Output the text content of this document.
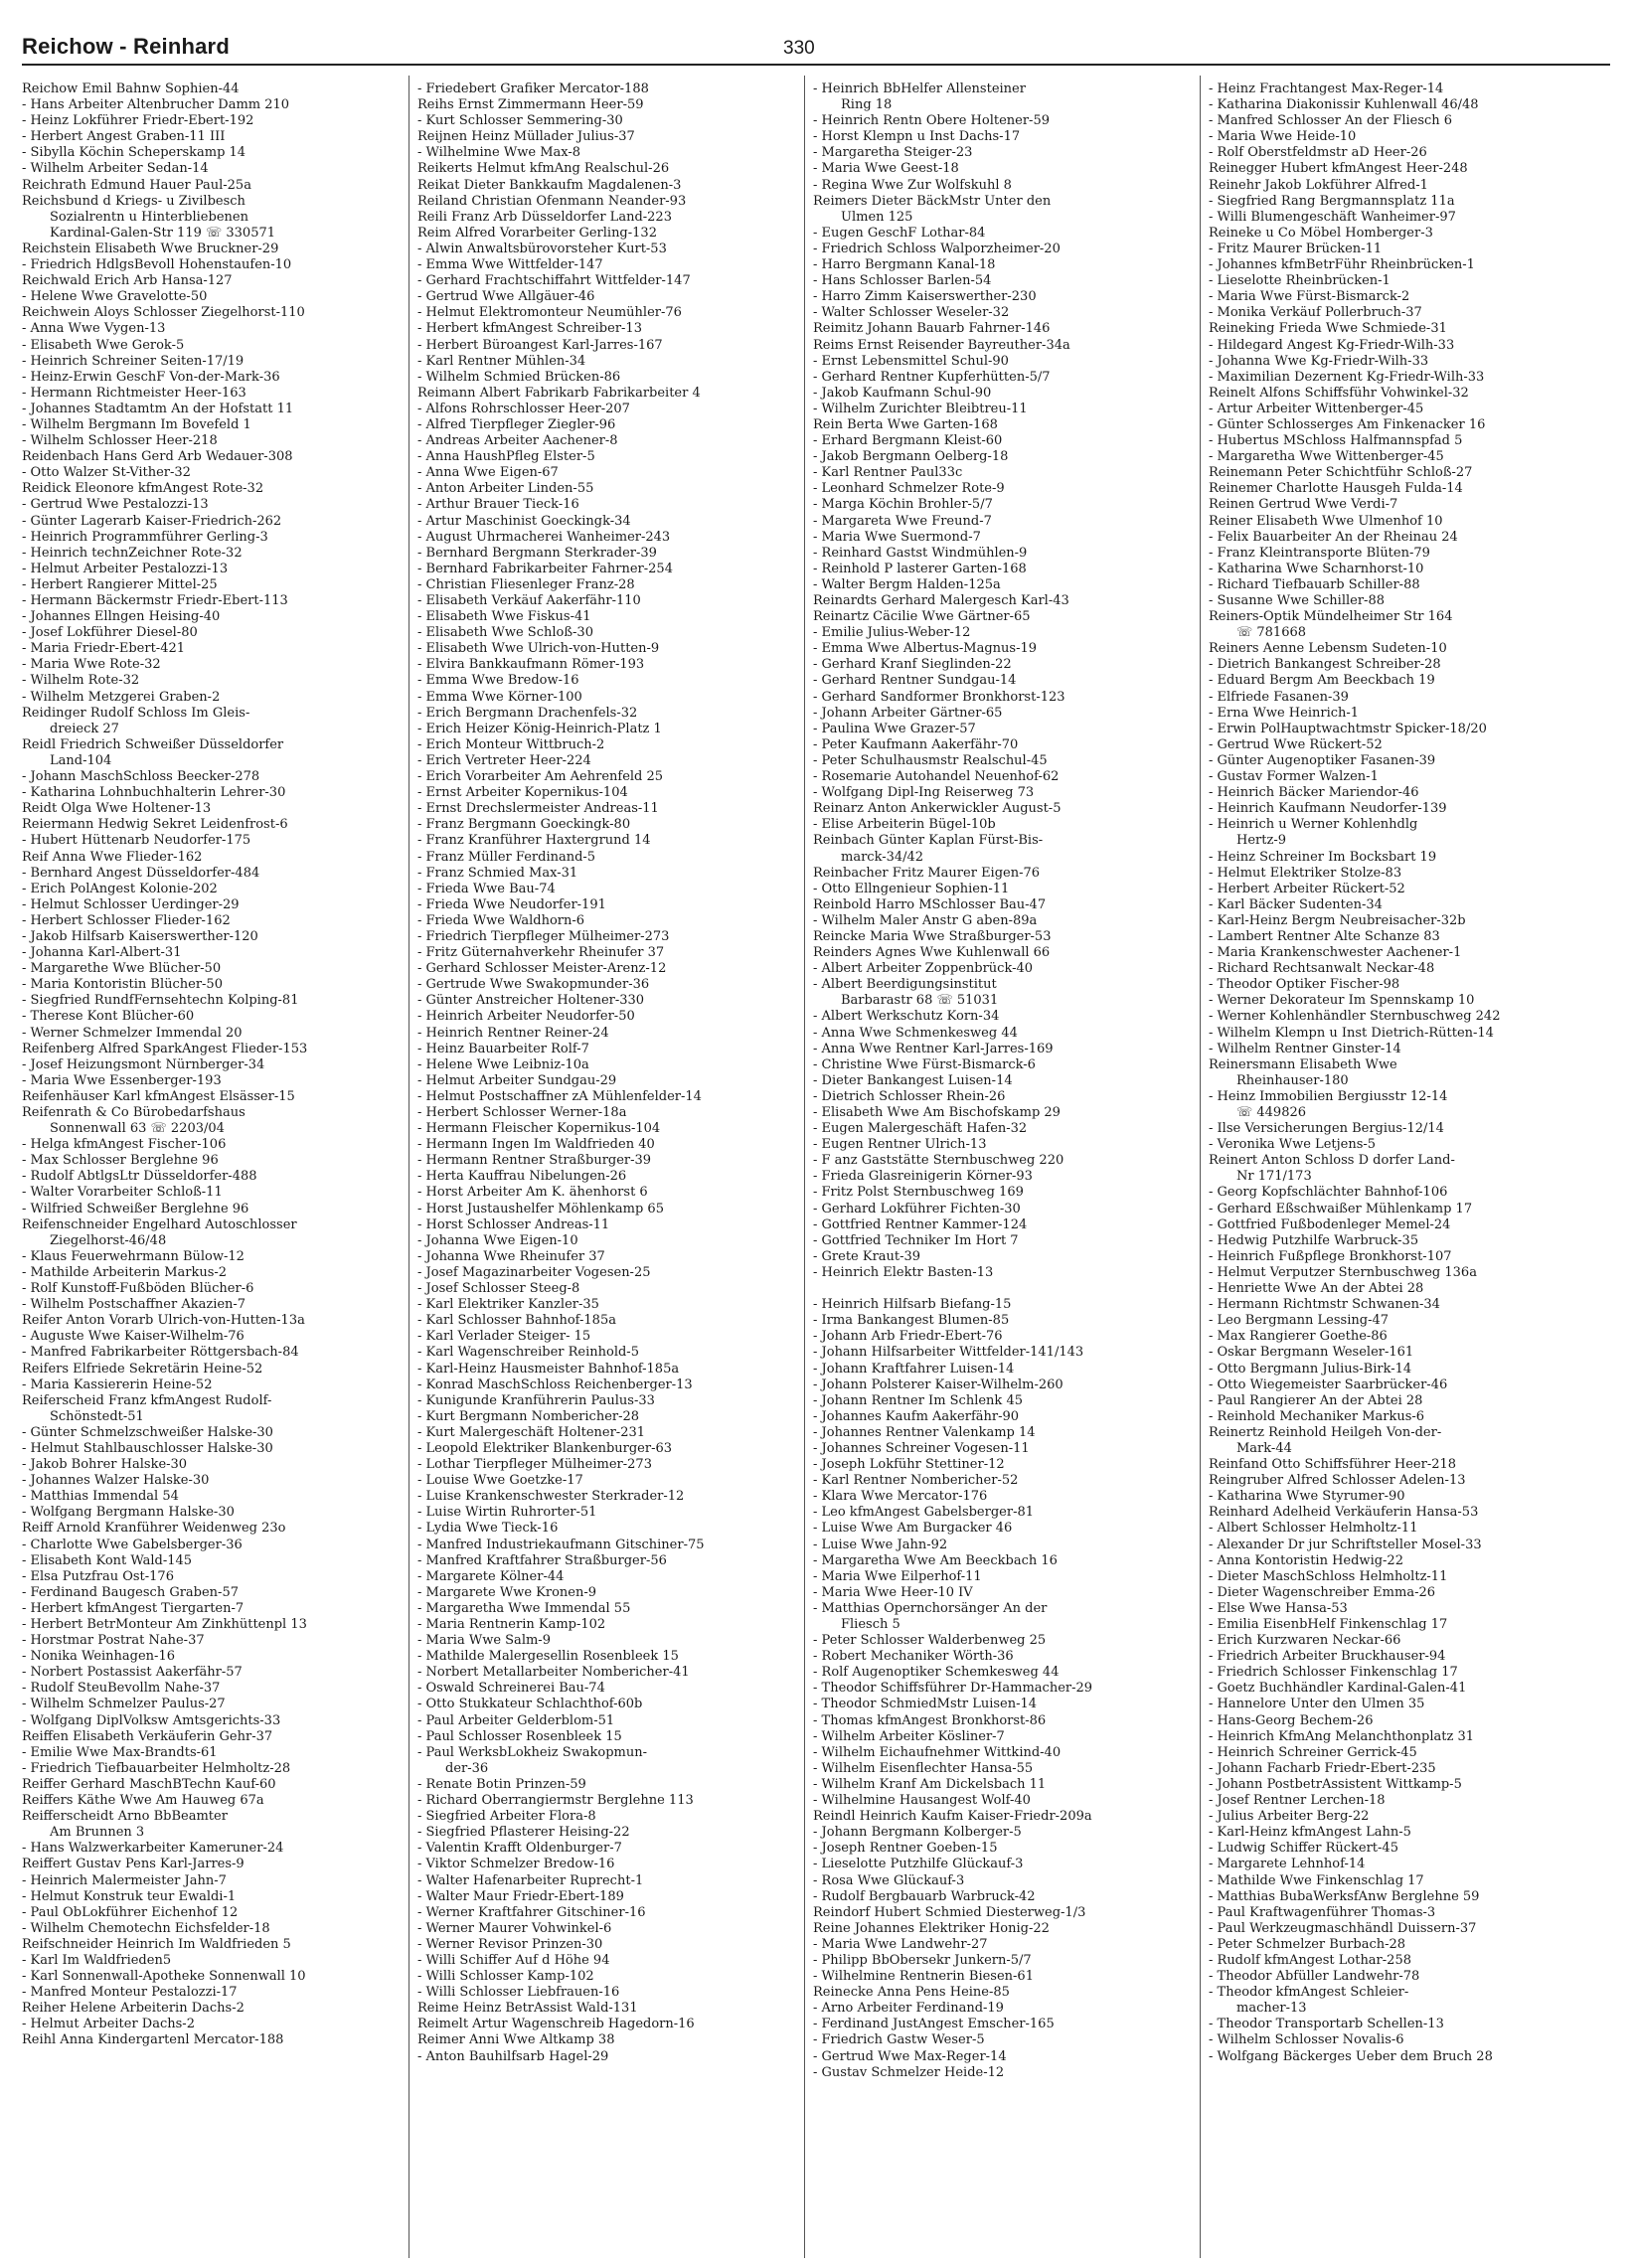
Reichow - Reinhard	330
Reichow Emil Bahnw Sophien-44
- Hans Arbeiter Altenbrucher Damm 210
- Heinz Lokführer Friedr-Ebert-192
- Herbert Angest Graben-11 III
- Sibylla Köchin Scheperskamp 14
- Wilhelm Arbeiter Sedan-14
Reichrath Edmund Hauer Paul-25a
Reichsbund d Kriegs- u Zivilbesch
Sozialrentn u Hinterbliebenen
Kardinal-Galen-Str 119 ☏ 330571
Reichstein Elisabeth Wwe Bruckner-29
- Friedrich HdlgsBevoll Hohenstaufen-10
Reichwald Erich Arb Hansa-127
- Helene Wwe Gravelotte-50
Reichwein Aloys Schlosser Ziegelhorst-110
- Anna Wwe Vygen-13
- Elisabeth Wwe Gerok-5
- Heinrich Schreiner Seiten-17/19
- Heinz-Erwin GeschF Von-der-Mark-36
- Hermann Richtmeister Heer-163
- Johannes Stadtamtm An der Hofstatt 11
- Wilhelm Bergmann Im Bovefeld 1
- Wilhelm Schlosser Heer-218
Reidenbach Hans Gerd Arb Wedauer-308
- Otto Walzer St-Vither-32
Reidick Eleonore kfmAngest Rote-32
- Gertrud Wwe Pestalozzi-13
- Günter Lagerarb Kaiser-Friedrich-262
- Heinrich Programmführer Gerling-3
- Heinrich technZeichner Rote-32
- Helmut Arbeiter Pestalozzi-13
- Herbert Rangierer Mittel-25
- Hermann Bäckermstr Friedr-Ebert-113
- Johannes Ellngen Heising-40
- Josef Lokführer Diesel-80
- Maria Friedr-Ebert-421
- Maria Wwe Rote-32
- Wilhelm Rote-32
- Wilhelm Metzgerei Graben-2
Reidinger Rudolf Schloss Im Gleis-
dreieck 27
Reidl Friedrich Schweißer Düsseldorfer
Land-104
- Johann MaschSchloss Beecker-278
- Katharina Lohnbuchhalterin Lehrer-30
Reidt Olga Wwe Holtener-13
Reiermann Hedwig Sekret Leidenfrost-6
- Hubert Hüttenarb Neudorfer-175
Reif Anna Wwe Flieder-162
- Bernhard Angest Düsseldorfer-484
- Erich PolAngest Kolonie-202
- Helmut Schlosser Uerdinger-29
- Herbert Schlosser Flieder-162
- Jakob Hilfsarb Kaiserswerther-120
- Johanna Karl-Albert-31
- Margarethe Wwe Blücher-50
- Maria Kontoristin Blücher-50
- Siegfried RundfFernsehtechn Kolping-81
- Therese Kont Blücher-60
- Werner Schmelzer Immendal 20
Reifenberg Alfred SparkAngest Flieder-153
- Josef Heizungsmont Nürnberger-34
- Maria Wwe Essenberger-193
Reifenhäuser Karl kfmAngest Elsässer-15
Reifenrath & Co Bürobedarfshaus
Sonnenwall 63 ☏ 2203/04
- Helga kfmAngest Fischer-106
- Max Schlosser Berglehne 96
- Rudolf AbtlgsLtr Düsseldorfer-488
- Walter Vorarbeiter Schloß-11
- Wilfried Schweißer Berglehne 96
Reifenschneider Engelhard Autoschlosser
Ziegelhorst-46/48
- Klaus Feuerwehrmann Bülow-12
- Mathilde Arbeiterin Markus-2
- Rolf Kunstoff-Fußböden Blücher-6
- Wilhelm Postschaffner Akazien-7
Reifer Anton Vorarb Ulrich-von-Hutten-13a
- Auguste Wwe Kaiser-Wilhelm-76
- Manfred Fabrikarbeiter Röttgersbach-84
Reifers Elfriede Sekretärin Heine-52
- Maria Kassiererin Heine-52
Reiferscheid Franz kfmAngest Rudolf-
Schönstedt-51
- Günter Schmelzschweißer Halske-30
- Helmut Stahlbauschlosser Halske-30
- Jakob Bohrer Halske-30
- Johannes Walzer Halske-30
- Matthias Immendal 54
- Wolfgang Bergmann Halske-30
Reiff Arnold Kranführer Weidenweg 23o
- Charlotte Wwe Gabelsberger-36
- Elisabeth Kont Wald-145
- Elsa Putzfrau Ost-176
- Ferdinand Baugesch Graben-57
- Herbert kfmAngest Tiergarten-7
- Herbert BetrMonteur Am Zinkhüttenpl 13
- Horstmar Postrat Nahe-37
- Nonika Weinhagen-16
- Norbert Postassist Aakerfähr-57
- Rudolf SteuBevollm Nahe-37
- Wilhelm Schmelzer Paulus-27
- Wolfgang DiplVolksw Amtsgerichts-33
Reiffen Elisabeth Verkäuferin Gehr-37
- Emilie Wwe Max-Brandts-61
- Friedrich Tiefbauarbeiter Helmholtz-28
Reiffer Gerhard MaschBTechn Kauf-60
Reiffers Käthe Wwe Am Hauweg 67a
Reifferscheidt Arno BbBeamter
Am Brunnen 3
- Hans Walzwerkarbeiter Kameruner-24
Reiffert Gustav Pens Karl-Jarres-9
- Heinrich Malermeister Jahn-7
- Helmut Konstruk teur Ewaldi-1
- Paul ObLokführer Eichenhof 12
- Wilhelm Chemotechn Eichsfelder-18
Reifschneider Heinrich Im Waldfrieden 5
- Karl Im Waldfrieden5
- Karl Sonnenwall-Apotheke Sonnenwall 10
- Manfred Monteur Pestalozzi-17
Reiher Helene Arbeiterin Dachs-2
- Helmut Arbeiter Dachs-2
Reihl Anna Kindergartenl Mercator-188
- Friedebert Grafiker Mercator-188
Reihs Ernst Zimmermann Heer-59
- Kurt Schlosser Semmering-30
Reijnen Heinz Müllader Julius-37
- Wilhelmine Wwe Max-8
Reikerts Helmut kfmAng Realschul-26
Reikat Dieter Bankkaufm Magdalenen-3
Reiland Christian Ofenmann Neander-93
Reili Franz Arb Düsseldorfer Land-223
Reim Alfred Vorarbeiter Gerling-132
- Alwin Anwaltsbürovorsteher Kurt-53
- Emma Wwe Wittfelder-147
- Gerhard Frachtschiffahrt Wittfelder-147
- Gertrud Wwe Allgäuer-46
- Helmut Elektromonteur Neumühler-76
- Herbert kfmAngest Schreiber-13
- Herbert Büroangest Karl-Jarres-167
- Karl Rentner Mühlen-34
- Wilhelm Schmied Brücken-86
Reimann Albert Fabrikarb Fabrikarbeiter 4
- Alfons Rohrschlosser Heer-207
- Alfred Tierpfleger Ziegler-96
- Andreas Arbeiter Aachener-8
- Anna HaushPfleg Elster-5
- Anna Wwe Eigen-67
- Anton Arbeiter Linden-55
- Arthur Brauer Tieck-16
- Artur Maschinist Goeckingk-34
- August Uhrmacherei Wanheimer-243
- Bernhard Bergmann Sterkrader-39
- Bernhard Fabrikarbeiter Fahrner-254
- Christian Fliesenleger Franz-28
- Elisabeth Verkäuf Aakerfähr-110
- Elisabeth Wwe Fiskus-41
- Elisabeth Wwe Schloß-30
- Elisabeth Wwe Ulrich-von-Hutten-9
- Elvira Bankkaufmann Römer-193
- Emma Wwe Bredow-16
- Emma Wwe Körner-100
- Erich Bergmann Drachenfels-32
- Erich Heizer König-Heinrich-Platz 1
- Erich Monteur Wittbruch-2
- Erich Vertreter Heer-224
- Erich Vorarbeiter Am Aehrenfeld 25
- Ernst Arbeiter Kopernikus-104
- Ernst Drechslermeister Andreas-11
- Franz Bergmann Goeckingk-80
- Franz Kranführer Haxtergrund 14
- Franz Müller Ferdinand-5
- Franz Schmied Max-31
- Frieda Wwe Bau-74
- Frieda Wwe Neudorfer-191
- Frieda Wwe Waldhorn-6
- Friedrich Tierpfleger Mülheimer-273
- Fritz Güternahverkehr Rheinufer 37
- Gerhard Schlosser Meister-Arenz-12
- Gertrude Wwe Swakopmunder-36
- Günter Anstreicher Holtener-330
- Heinrich Arbeiter Neudorfer-50
- Heinrich Rentner Reiner-24
- Heinz Bauarbeiter Rolf-7
- Helene Wwe Leibniz-10a
- Helmut Arbeiter Sundgau-29
- Helmut Postschaffner zA Mühlenfelder-14
- Herbert Schlosser Werner-18a
- Hermann Fleischer Kopernikus-104
- Hermann Ingen Im Waldfrieden 40
- Hermann Rentner Straßburger-39
- Herta Kauffrau Nibelungen-26
- Horst Arbeiter Am K. ähenhorst 6
- Horst Justaushelfer Möhlenkamp 65
- Horst Schlosser Andreas-11
- Johanna Wwe Eigen-10
- Johanna Wwe Rheinufer 37
- Josef Magazinarbeiter Vogesen-25
- Josef Schlosser Steeg-8
- Karl Elektriker Kanzler-35
- Karl Schlosser Bahnhof-185a
- Karl Verlader Steiger- 15
- Karl Wagenschreiber Reinhold-5
- Karl-Heinz Hausmeister Bahnhof-185a
- Konrad MaschSchloss Reichenberger-13
- Kunigunde Kranführerin Paulus-33
- Kurt Bergmann Nombericher-28
- Kurt Malergeschäft Holtener-231
- Leopold Elektriker Blankenburger-63
- Lothar Tierpfleger Mülheimer-273
- Louise Wwe Goetzke-17
- Luise Krankenschwester Sterkrader-12
- Luise Wirtin Ruhrorter-51
- Lydia Wwe Tieck-16
- Manfred Industriekaufmann Gitschiner-75
- Manfred Kraftfahrer Straßburger-56
- Margarete Kölner-44
- Margarete Wwe Kronen-9
- Margaretha Wwe Immendal 55
- Maria Rentnerin Kamp-102
- Maria Wwe Salm-9
- Mathilde Malergesellin Rosenbleek 15
- Norbert Metallarbeiter Nombericher-41
- Oswald Schreinerei Bau-74
- Otto Stukkateur Schlachthof-60b
- Paul Arbeiter Gelderblom-51
- Paul Schlosser Rosenbleek 15
- Paul WerksbLokheiz Swakopmun-
der-36
- Renate Botin Prinzen-59
- Richard Oberrangiermstr Berglehne 113
- Siegfried Arbeiter Flora-8
- Siegfried Pflasterer Heising-22
- Valentin Krafft Oldenburger-7
- Viktor Schmelzer Bredow-16
- Walter Hafenarbeiter Ruprecht-1
- Walter Maur Friedr-Ebert-189
- Werner Kraftfahrer Gitschiner-16
- Werner Maurer Vohwinkel-6
- Werner Revisor Prinzen-30
- Willi Schiffer Auf d Höhe 94
- Willi Schlosser Kamp-102
- Willi Schlosser Liebfrauen-16
Reime Heinz BetrAssist Wald-131
Reimelt Artur Wagenschreib Hagedorn-16
Reimer Anni Wwe Altkamp 38
- Anton Bauhilfsarb Hagel-29
- Heinrich BbHelfer Allensteiner
Ring 18
- Heinrich Rentn Obere Holtener-59
- Horst Klempn u Inst Dachs-17
- Margaretha Steiger-23
- Maria Wwe Geest-18
- Regina Wwe Zur Wolfskuhl 8
Reimers Dieter BäckMstr Unter den
Ulmen 125
- Eugen GeschF Lothar-84
- Friedrich Schloss Walporzheimer-20
- Harro Bergmann Kanal-18
- Hans Schlosser Barlen-54
- Harro Zimm Kaiserswerther-230
- Walter Schlosser Weseler-32
Reimitz Johann Bauarb Fahrner-146
Reims Ernst Reisender Bayreuther-34a
- Ernst Lebensmittel Schul-90
- Gerhard Rentner Kupferhütten-5/7
- Jakob Kaufmann Schul-90
- Wilhelm Zurichter Bleibtreu-11
Rein Berta Wwe Garten-168
- Erhard Bergmann Kleist-60
- Jakob Bergmann Oelberg-18
- Karl Rentner Paul33c
- Leonhard Schmelzer Rote-9
- Marga Köchin Brohler-5/7
- Margareta Wwe Freund-7
- Maria Wwe Suermond-7
- Reinhard Gastst Windmühlen-9
- Reinhold P lasterer Garten-168
- Walter Bergm Halden-125a
Reinardts Gerhard Malergesch Karl-43
Reinartz Cäcilie Wwe Gärtner-65
- Emilie Julius-Weber-12
- Emma Wwe Albertus-Magnus-19
- Gerhard Kranf Sieglinden-22
- Gerhard Rentner Sundgau-14
- Gerhard Sandformer Bronkhorst-123
- Johann Arbeiter Gärtner-65
- Paulina Wwe Grazer-57
- Peter Kaufmann Aakerfähr-70
- Peter Schulhausmstr Realschul-45
- Rosemarie Autohandel Neuenhof-62
- Wolfgang Dipl-Ing Reiserweg 73
Reinarz Anton Ankerwickler August-5
- Elise Arbeiterin Bügel-10b
Reinbach Günter Kaplan Fürst-Bis-
marck-34/42
Reinbacher Fritz Maurer Eigen-76
- Otto Ellngenieur Sophien-11
Reinbold Harro MSchlosser Bau-47
- Wilhelm Maler Anstr G aben-89a
Reincke Maria Wwe Straßburger-53
Reinders Agnes Wwe Kuhlenwall 66
- Albert Arbeiter Zoppenbrück-40
- Albert Beerdigungsinstitut
Barbarastr 68 ☏ 51031
- Albert Werkschutz Korn-34
- Anna Wwe Schmenkesweg 44
- Anna Wwe Rentner Karl-Jarres-169
- Christine Wwe Fürst-Bismarck-6
- Dieter Bankangest Luisen-14
- Dietrich Schlosser Rhein-26
- Elisabeth Wwe Am Bischofskamp 29
- Eugen Malergeschäft Hafen-32
- Eugen Rentner Ulrich-13
- F anz Gaststätte Sternbuschweg 220
- Frieda Glasreinigerin Körner-93
- Fritz Polst Sternbuschweg 169
- Gerhard Lokführer Fichten-30
- Gottfried Rentner Kammer-124
- Gottfried Techniker Im Hort 7
- Grete Kraut-39
- Heinrich Elektr Basten-13

- Heinrich Hilfsarb Biefang-15
- Irma Bankangest Blumen-85
- Johann Arb Friedr-Ebert-76
- Johann Hilfsarbeiter Wittfelder-141/143
- Johann Kraftfahrer Luisen-14
- Johann Polsterer Kaiser-Wilhelm-260
- Johann Rentner Im Schlenk 45
- Johannes Kaufm Aakerfähr-90
- Johannes Rentner Valenkamp 14
- Johannes Schreiner Vogesen-11
- Joseph Lokführ Stettiner-12
- Karl Rentner Nombericher-52
- Klara Wwe Mercator-176
- Leo kfmAngest Gabelsberger-81
- Luise Wwe Am Burgacker 46
- Luise Wwe Jahn-92
- Margaretha Wwe Am Beeckbach 16
- Maria Wwe Eilperhof-11
- Maria Wwe Heer-10 IV
- Matthias Opernchorsänger An der
Fliesch 5
- Peter Schlosser Walderbenweg 25
- Robert Mechaniker Wörth-36
- Rolf Augenoptiker Schemkesweg 44
- Theodor Schiffsführer Dr-Hammacher-29
- Theodor SchmiedMstr Luisen-14
- Thomas kfmAngest Bronkhorst-86
- Wilhelm Arbeiter Kösliner-7
- Wilhelm Eichaufnehmer Wittkind-40
- Wilhelm Eisenflechter Hansa-55
- Wilhelm Kranf Am Dickelsbach 11
- Wilhelmine Hausangest Wolf-40
Reindl Heinrich Kaufm Kaiser-Friedr-209a
- Johann Bergmann Kolberger-5
- Joseph Rentner Goeben-15
- Lieselotte Putzhilfe Glückauf-3
- Rosa Wwe Glückauf-3
- Rudolf Bergbauarb Warbruck-42
Reindorf Hubert Schmied Diesterweg-1/3
Reine Johannes Elektriker Honig-22
- Maria Wwe Landwehr-27
- Philipp BbObersekr Junkern-5/7
- Wilhelmine Rentnerin Biesen-61
Reinecke Anna Pens Heine-85
- Arno Arbeiter Ferdinand-19
- Ferdinand JustAngest Emscher-165
- Friedrich Gastw Weser-5
- Gertrud Wwe Max-Reger-14
- Gustav Schmelzer Heide-12
- Heinz Frachtangest Max-Reger-14
- Katharina Diakonissir Kuhlenwall 46/48
- Manfred Schlosser An der Fliesch 6
- Maria Wwe Heide-10
- Rolf Oberstfeldmstr aD Heer-26
Reinegger Hubert kfmAngest Heer-248
Reinehr Jakob Lokführer Alfred-1
- Siegfried Rang Bergmannsplatz 11a
- Willi Blumengeschäft Wanheimer-97
Reineke u Co Möbel Homberger-3
- Fritz Maurer Brücken-11
- Johannes kfmBetrFühr Rheinbrücken-1
- Lieselotte Rheinbrücken-1
- Maria Wwe Fürst-Bismarck-2
- Monika Verkäuf Pollerbruch-37
Reineking Frieda Wwe Schmiede-31
- Hildegard Angest Kg-Friedr-Wilh-33
- Johanna Wwe Kg-Friedr-Wilh-33
- Maximilian Dezernent Kg-Friedr-Wilh-33
Reinelt Alfons Schiffsführ Vohwinkel-32
- Artur Arbeiter Wittenberger-45
- Günter Schlosserges Am Finkenacker 16
- Hubertus MSchloss Halfmannspfad 5
- Margaretha Wwe Wittenberger-45
Reinemann Peter Schichtführ Schloß-27
Reinemer Charlotte Hausgeh Fulda-14
Reinen Gertrud Wwe Verdi-7
Reiner Elisabeth Wwe Ulmenhof 10
- Felix Bauarbeiter An der Rheinau 24
- Franz Kleintransporte Blüten-79
- Katharina Wwe Scharnhorst-10
- Richard Tiefbauarb Schiller-88
- Susanne Wwe Schiller-88
Reiners-Optik Mündelheimer Str 164
☏ 781668
Reiners Aenne Lebensm Sudeten-10
- Dietrich Bankangest Schreiber-28
- Eduard Bergm Am Beeckbach 19
- Elfriede Fasanen-39
- Erna Wwe Heinrich-1
- Erwin PolHauptwachtmstr Spicker-18/20
- Gertrud Wwe Rückert-52
- Günter Augenoptiker Fasanen-39
- Gustav Former Walzen-1
- Heinrich Bäcker Mariendor-46
- Heinrich Kaufmann Neudorfer-139
- Heinrich u Werner Kohlenhdlg
Hertz-9
- Heinz Schreiner Im Bocksbart 19
- Helmut Elektriker Stolze-83
- Herbert Arbeiter Rückert-52
- Karl Bäcker Sudenten-34
- Karl-Heinz Bergm Neubreisacher-32b
- Lambert Rentner Alte Schanze 83
- Maria Krankenschwester Aachener-1
- Richard Rechtsanwalt Neckar-48
- Theodor Optiker Fischer-98
- Werner Dekorateur Im Spennskamp 10
- Werner Kohlenhändler Sternbuschweg 242
- Wilhelm Klempn u Inst Dietrich-Rütten-14
- Wilhelm Rentner Ginster-14
Reinersmann Elisabeth Wwe
Rheinhauser-180
- Heinz Immobilien Bergiusstr 12-14
☏ 449826
- Ilse Versicherungen Bergius-12/14
- Veronika Wwe Letjens-5
Reinert Anton Schloss D dorfer Land-
Nr 171/173
- Georg Kopfschlächter Bahnhof-106
- Gerhard Eßschwaißer Mühlenkamp 17
- Gottfried Fußbodenleger Memel-24
- Hedwig Putzhilfe Warbruck-35
- Heinrich Fußpflege Bronkhorst-107
- Helmut Verputzer Sternbuschweg 136a
- Henriette Wwe An der Abtei 28
- Hermann Richtmstr Schwanen-34
- Leo Bergmann Lessing-47
- Max Rangierer Goethe-86
- Oskar Bergmann Weseler-161
- Otto Bergmann Julius-Birk-14
- Otto Wiegemeister Saarbrücker-46
- Paul Rangierer An der Abtei 28
- Reinhold Mechaniker Markus-6
Reinertz Reinhold Heilgeh Von-der-
Mark-44
Reinfand Otto Schiffsführer Heer-218
Reingruber Alfred Schlosser Adelen-13
- Katharina Wwe Styrumer-90
Reinhard Adelheid Verkäuferin Hansa-53
- Albert Schlosser Helmholtz-11
- Alexander Dr jur Schriftsteller Mosel-33
- Anna Kontoristin Hedwig-22
- Dieter MaschSchloss Helmholtz-11
- Dieter Wagenschreiber Emma-26
- Else Wwe Hansa-53
- Emilia EisenbHelf Finkenschlag 17
- Erich Kurzwaren Neckar-66
- Friedrich Arbeiter Bruckhauser-94
- Friedrich Schlosser Finkenschlag 17
- Goetz Buchhändler Kardinal-Galen-41
- Hannelore Unter den Ulmen 35
- Hans-Georg Bechem-26
- Heinrich KfmAng Melanchthonplatz 31
- Heinrich Schreiner Gerrick-45
- Johann Facharb Friedr-Ebert-235
- Johann PostbetrAssistent Wittkamp-5
- Josef Rentner Lerchen-18
- Julius Arbeiter Berg-22
- Karl-Heinz kfmAngest Lahn-5
- Ludwig Schiffer Rückert-45
- Margarete Lehnhof-14
- Mathilde Wwe Finkenschlag 17
- Matthias BubaWerksfAnw Berglehne 59
- Paul Kraftwagenführer Thomas-3
- Paul Werkzeugmaschhändl Duissern-37
- Peter Schmelzer Burbach-28
- Rudolf kfmAngest Lothar-258
- Theodor Abfüller Landwehr-78
- Theodor kfmAngest Schleier-
macher-13
- Theodor Transportarb Schellen-13
- Wilhelm Schlosser Novalis-6
- Wolfgang Bäckerges Ueber dem Bruch 28
